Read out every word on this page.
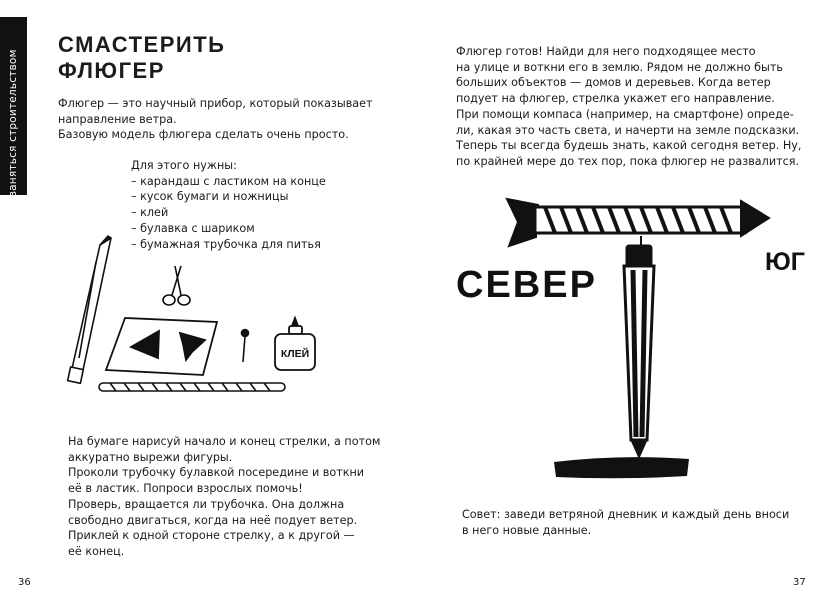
заняться строительством
СМАСТЕРИТЬ
ФЛЮГЕР

Флюгер — это научный прибор, который показывает
направление ветра.
Базовую модель флюгера сделать очень просто.

Для этого нужны:
– карандаш с ластиком на конце
– кусок бумаги и ножницы
– клей
– булавка с шариком
– бумажная трубочка для питья

КЛЕЙ

На бумаге нарисуй начало и конец стрелки, а потом
аккуратно вырежи фигуры.
Проколи трубочку булавкой посередине и воткни
её в ластик. Попроси взрослых помочь!
Проверь, вращается ли трубочка. Она должна
свободно двигаться, когда на неё подует ветер.
Приклей к одной стороне стрелку, а к другой —
её конец.

36

Флюгер готов! Найди для него подходящее место
на улице и воткни его в землю. Рядом не должно быть
больших объектов — домов и деревьев. Когда ветер
подует на флюгер, стрелка укажет его направление.
При помощи компаса (например, на смартфоне) опреде-
ли, какая это часть света, и начерти на земле подсказки.
Теперь ты всегда будешь знать, какой сегодня ветер. Ну,
по крайней мере до тех пор, пока флюгер не развалится.

СЕВЕР
ЮГ

Совет: заведи ветряной дневник и каждый день вноси
в него новые данные.

37
